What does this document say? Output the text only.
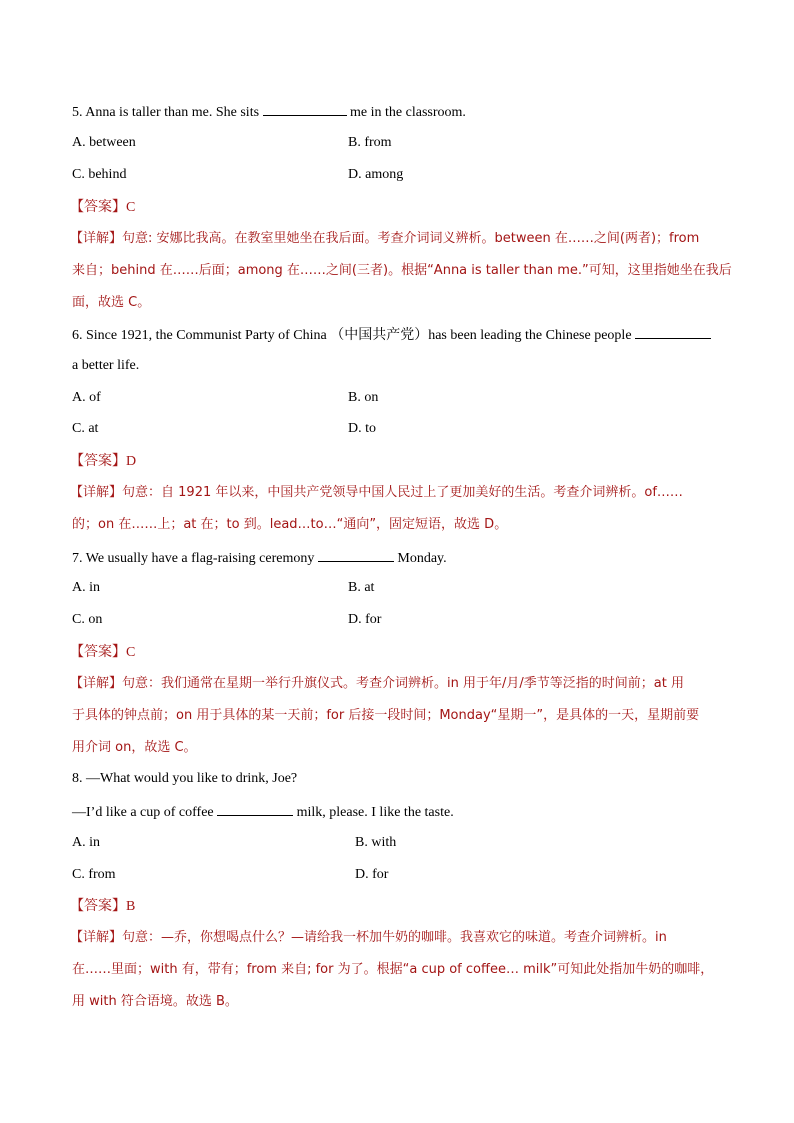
5. Anna is taller than me. She sits	me in the classroom.
A. between	B. from
C. behind	D. among
【答案】C
【详解】句意: 安娜比我高。在教室里她坐在我后面。考查介词词义辨析。between 在……之间(两者)；from
来自；behind 在……后面；among 在……之间(三者)。根据“Anna is taller than me.”可知，这里指她坐在我后
面，故选 C。
6. Since 1921, the Communist Party of China （中国共产党）has been leading the Chinese people
a better life.
A. of	B. on
C. at	D. to
【答案】D
【详解】句意：自 1921 年以来，中国共产党领导中国人民过上了更加美好的生活。考查介词辨析。of……
的；on 在……上；at 在；to 到。lead…to…“通向”，固定短语，故选 D。
7. We usually have a flag-raising ceremony	Monday.
A. in	B. at
C. on	D. for
【答案】C
【详解】句意：我们通常在星期一举行升旗仪式。考查介词辨析。in 用于年/月/季节等泛指的时间前；at 用
于具体的钟点前；on 用于具体的某一天前；for 后接一段时间；Monday“星期一”，是具体的一天，星期前要
用介词 on，故选 C。
8. —What would you like to drink, Joe?
—I’d like a cup of coffee	milk, please. I like the taste.
A. in	B. with
C. from	D. for
【答案】B
【详解】句意：—乔，你想喝点什么？—请给我一杯加牛奶的咖啡。我喜欢它的味道。考查介词辨析。in
在……里面；with 有，带有；from 来自; for 为了。根据“a cup of coffee… milk”可知此处指加牛奶的咖啡，
用 with 符合语境。故选 B。
